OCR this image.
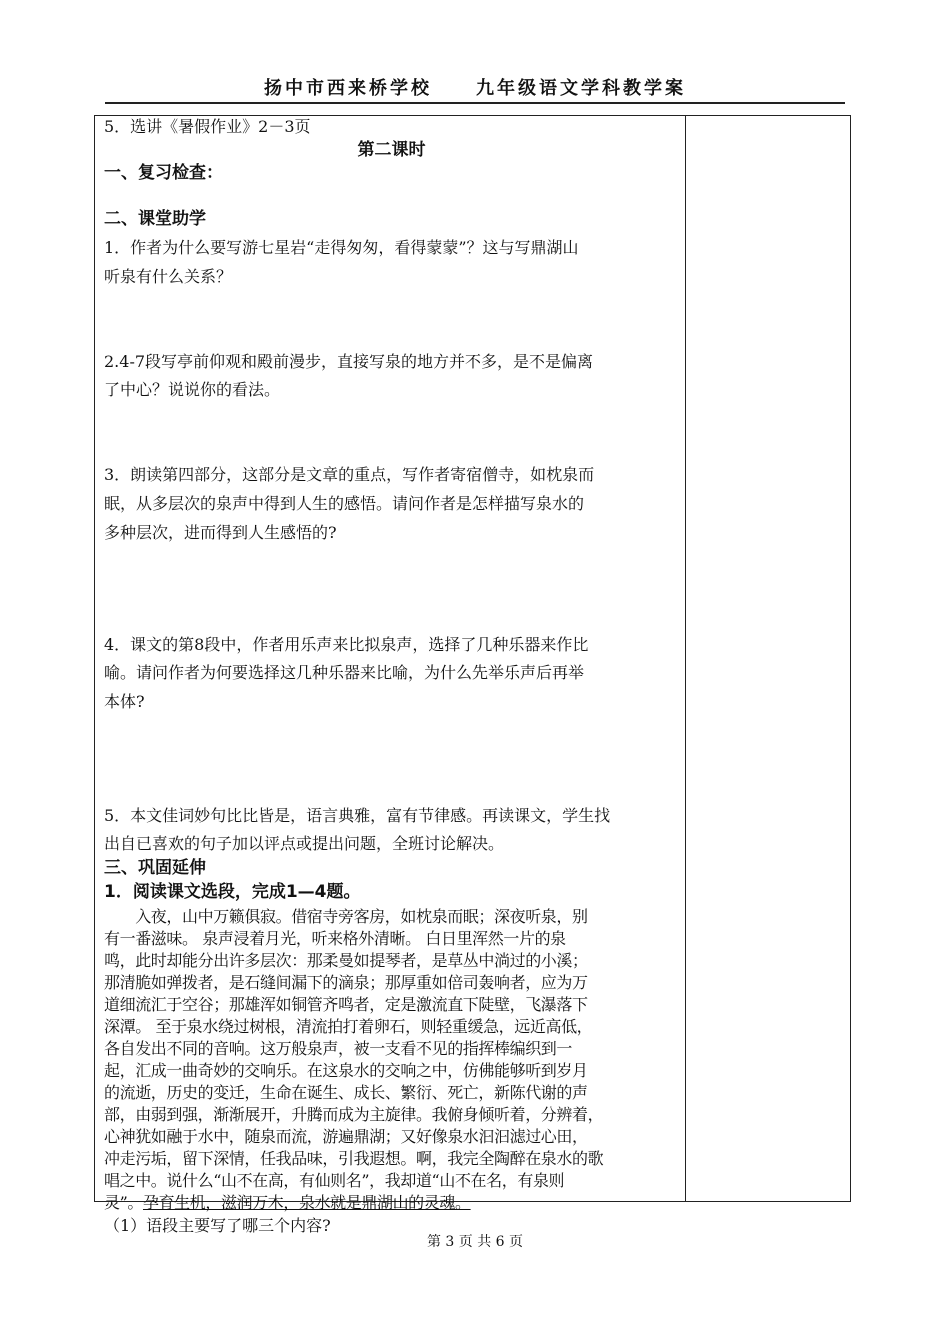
扬中市西来桥学校 九年级语文学科教学案
5．选讲《暑假作业》2－3页
第二课时
一、复习检查：
二、课堂助学
1．作者为什么要写游七星岩“走得匆匆，看得蒙蒙”？这与写鼎湖山
听泉有什么关系？
2.4-7段写亭前仰观和殿前漫步，直接写泉的地方并不多，是不是偏离
了中心？说说你的看法。
3．朗读第四部分，这部分是文章的重点，写作者寄宿僧寺，如枕泉而
眠，从多层次的泉声中得到人生的感悟。请问作者是怎样描写泉水的
多种层次，进而得到人生感悟的?
4．课文的第8段中，作者用乐声来比拟泉声，选择了几种乐器来作比
喻。请问作者为何要选择这几种乐器来比喻，为什么先举乐声后再举
本体?
5．本文佳词妙句比比皆是，语言典雅，富有节律感。再读课文，学生找
出自已喜欢的句子加以评点或提出问题，全班讨论解决。
三、巩固延伸
1．阅读课文选段，完成1—4题。
　　入夜，山中万籁俱寂。借宿寺旁客房，如枕泉而眠；深夜听泉，别
有一番滋味。 泉声浸着月光，听来格外清晰。 白日里浑然一片的泉
鸣，此时却能分出许多层次：那柔曼如提琴者，是草丛中淌过的小溪；
那清脆如弹拨者，是石缝间漏下的滴泉；那厚重如倍司轰响者，应为万
道细流汇于空谷；那雄浑如铜管齐鸣者，定是激流直下陡壁，飞瀑落下
深潭。 至于泉水绕过树根，清流拍打着卵石，则轻重缓急，远近高低，
各自发出不同的音响。这万般泉声，被一支看不见的指挥棒编织到一
起，汇成一曲奇妙的交响乐。在这泉水的交响之中，仿佛能够听到岁月
的流逝，历史的变迁，生命在诞生、成长、繁衍、死亡，新陈代谢的声
部，由弱到强，渐渐展开，升腾而成为主旋律。我俯身倾听着，分辨着，
心神犹如融于水中，随泉而流，游遍鼎湖；又好像泉水汩汩滤过心田，
冲走污垢，留下深情，任我品味，引我遐想。啊，我完全陶醉在泉水的歌
唱之中。说什么“山不在高，有仙则名”，我却道“山不在名，有泉则
灵”。孕育生机，滋润万木，泉水就是鼎湖山的灵魂。
（1）语段主要写了哪三个内容?
第 3 页 共 6 页
